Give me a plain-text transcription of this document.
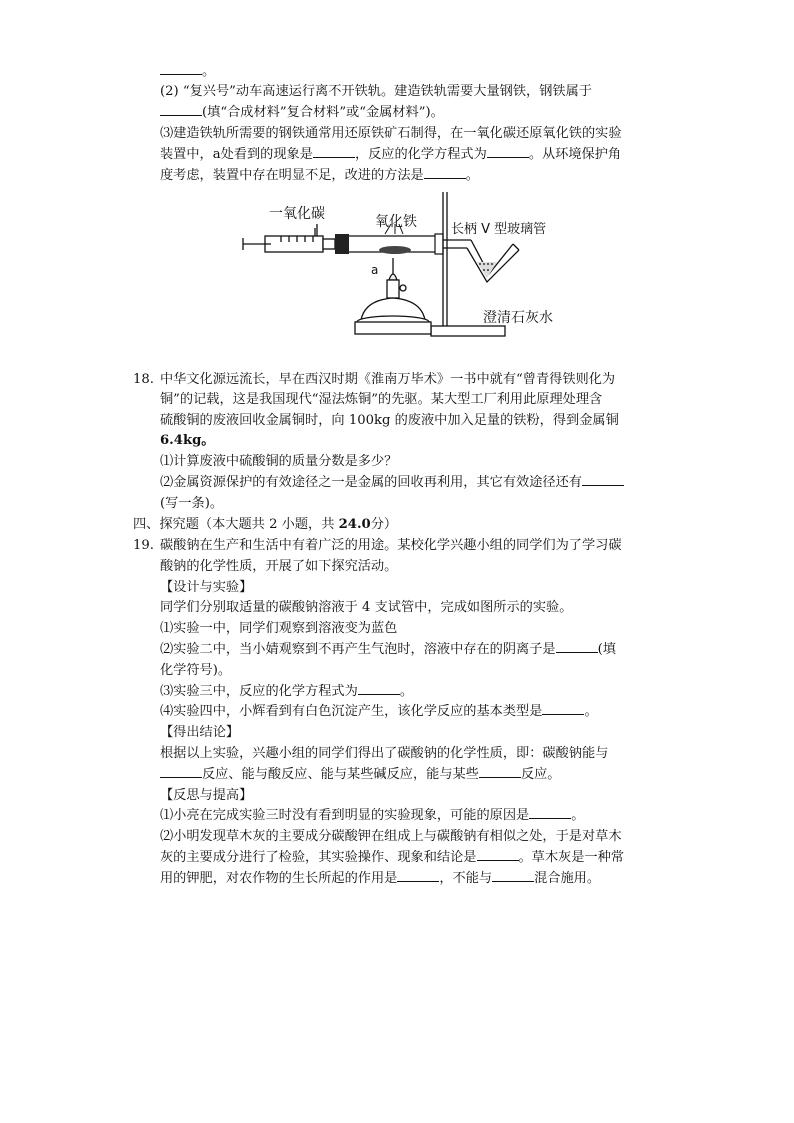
。
(2) “复兴号”动车高速运行离不开铁轨。建造铁轨需要大量钢铁，钢铁属于
(填“合成材料”复合材料”或“金属材料”)。
⑶建造铁轨所需要的钢铁通常用还原铁矿石制得，在一氧化碳还原氧化铁的实验
装置中，a处看到的现象是	，反应的化学方程式为	。从环境保护角
度考虑，装置中存在明显不足，改进的方法是	。
一氧化碳	氧化铁	长柄 V 型玻璃管
澄清石灰水
a
18. 中华文化源远流长，早在西汉时期《淮南万毕术》一书中就有“曾青得铁则化为
铜”的记载，这是我国现代“湿法炼铜”的先驱。某大型工厂利用此原理处理含
硫酸铜的废液回收金属铜时，向 100kg 的废液中加入足量的铁粉，得到金属铜
6.4kg。
⑴计算废液中硫酸铜的质量分数是多少？
⑵金属资源保护的有效途径之一是金属的回收再利用，其它有效途径还有
(写一条)。
四、探究题（本大题共 2 小题，共 24.0分）
19. 碳酸钠在生产和生活中有着广泛的用途。某校化学兴趣小组的同学们为了学习碳
酸钠的化学性质，开展了如下探究活动。
【设计与实验】
同学们分别取适量的碳酸钠溶液于 4 支试管中，完成如图所示的实验。
⑴实验一中，同学们观察到溶液变为蓝色
⑵实验二中，当小婧观察到不再产生气泡时，溶液中存在的阴离子是	(填
化学符号)。
⑶实验三中，反应的化学方程式为	。
⑷实验四中，小辉看到有白色沉淀产生，该化学反应的基本类型是	。
【得出结论】
根据以上实验，兴趣小组的同学们得出了碳酸钠的化学性质，即：碳酸钠能与
反应、能与酸反应、能与某些碱反应，能与某些	反应。
【反思与提高】
⑴小亮在完成实验三时没有看到明显的实验现象，可能的原因是	。
⑵小明发现草木灰的主要成分碳酸钾在组成上与碳酸钠有相似之处，于是对草木
灰的主要成分进行了检验，其实验操作、现象和结论是	。草木灰是一种常
用的钾肥，对农作物的生长所起的作用是	，不能与	混合施用。
